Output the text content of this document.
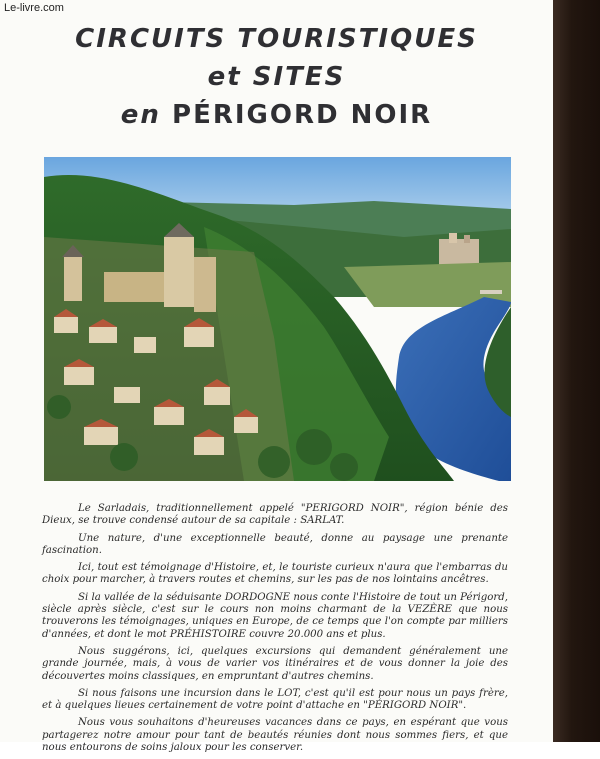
Le-livre.com
CIRCUITS TOURISTIQUES
et SITES
en PÉRIGORD NOIR

Le Sarladais, traditionnellement appelé "PERIGORD NOIR", région bénie des Dieux, se trouve condensé autour de sa capitale : SARLAT.

Une nature, d'une exceptionnelle beauté, donne au paysage une prenante fascination.

Ici, tout est témoignage d'Histoire, et, le touriste curieux n'aura que l'embarras du choix pour marcher, à travers routes et chemins, sur les pas de nos lointains ancêtres.

Si la vallée de la séduisante DORDOGNE nous conte l'Histoire de tout un Périgord, siècle après siècle, c'est sur le cours non moins charmant de la VEZÈRE que nous trouverons les témoignages, uniques en Europe, de ce temps que l'on compte par milliers d'années, et dont le mot PRÉHISTOIRE couvre 20.000 ans et plus.

Nous suggérons, ici, quelques excursions qui demandent généralement une grande journée, mais, à vous de varier vos itinéraires et de vous donner la joie des découvertes moins classiques, en empruntant d'autres chemins.

Si nous faisons une incursion dans le LOT, c'est qu'il est pour nous un pays frère, et à quelques lieues certainement de votre point d'attache en "PÉRIGORD NOIR".

Nous vous souhaitons d'heureuses vacances dans ce pays, en espérant que vous partagerez notre amour pour tant de beautés réunies dont nous sommes fiers, et que nous entourons de soins jaloux pour les conserver.
